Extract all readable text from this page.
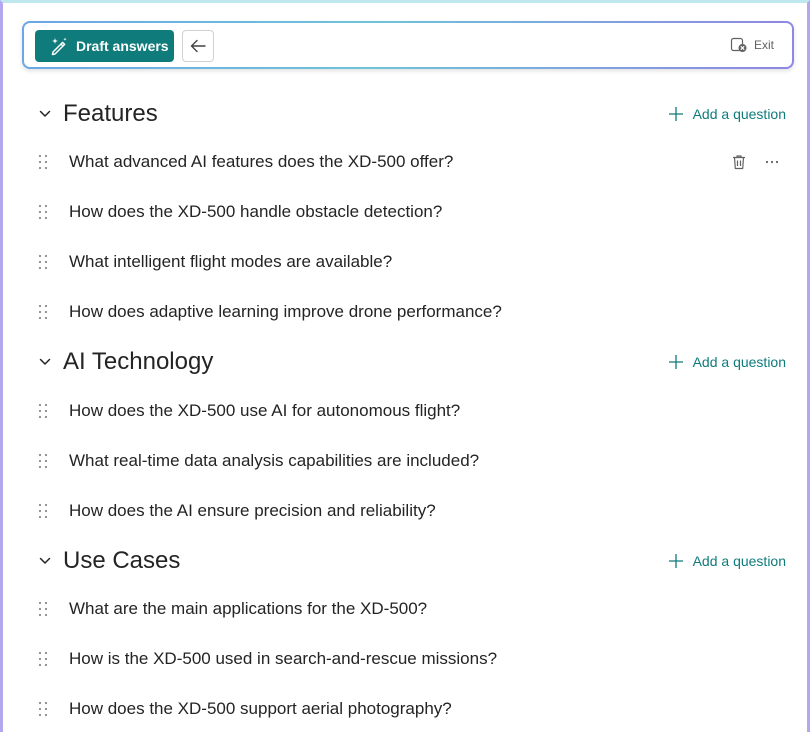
Draft answers	Exit
Features	Add a question
What advanced AI features does the XD-500 offer?
How does the XD-500 handle obstacle detection?
What intelligent flight modes are available?
How does adaptive learning improve drone performance?
AI Technology	Add a question
How does the XD-500 use AI for autonomous flight?
What real-time data analysis capabilities are included?
How does the AI ensure precision and reliability?
Use Cases	Add a question
What are the main applications for the XD-500?
How is the XD-500 used in search-and-rescue missions?
How does the XD-500 support aerial photography?
